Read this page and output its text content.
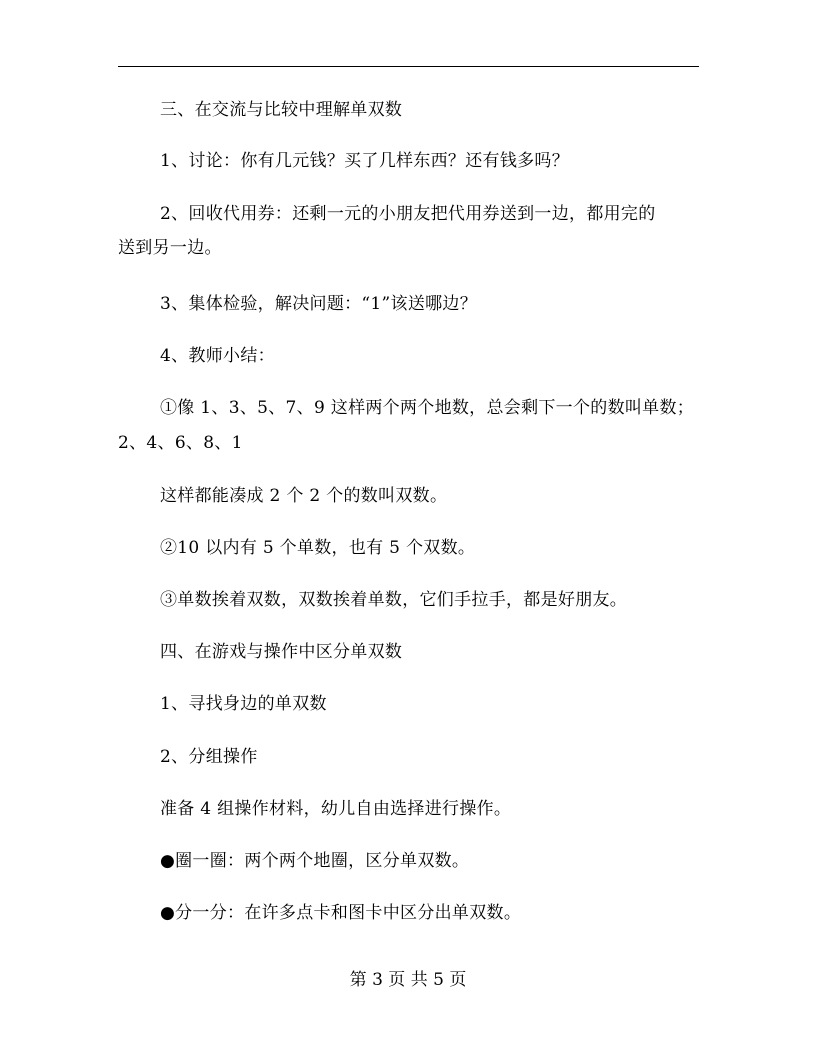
三、在交流与比较中理解单双数
1、讨论：你有几元钱？买了几样东西？还有钱多吗？
2、回收代用券：还剩一元的小朋友把代用券送到一边，都用完的
送到另一边。
3、集体检验，解决问题：“1”该送哪边？
4、教师小结：
①像 1、3、5、7、9 这样两个两个地数，总会剩下一个的数叫单数；
2、4、6、8、1
这样都能凑成 2 个 2 个的数叫双数。
②10 以内有 5 个单数，也有 5 个双数。
③单数挨着双数，双数挨着单数，它们手拉手，都是好朋友。
四、在游戏与操作中区分单双数
1、寻找身边的单双数
2、分组操作
准备 4 组操作材料，幼儿自由选择进行操作。
●圈一圈：两个两个地圈，区分单双数。
●分一分：在许多点卡和图卡中区分出单双数。
第 3 页 共 5 页
